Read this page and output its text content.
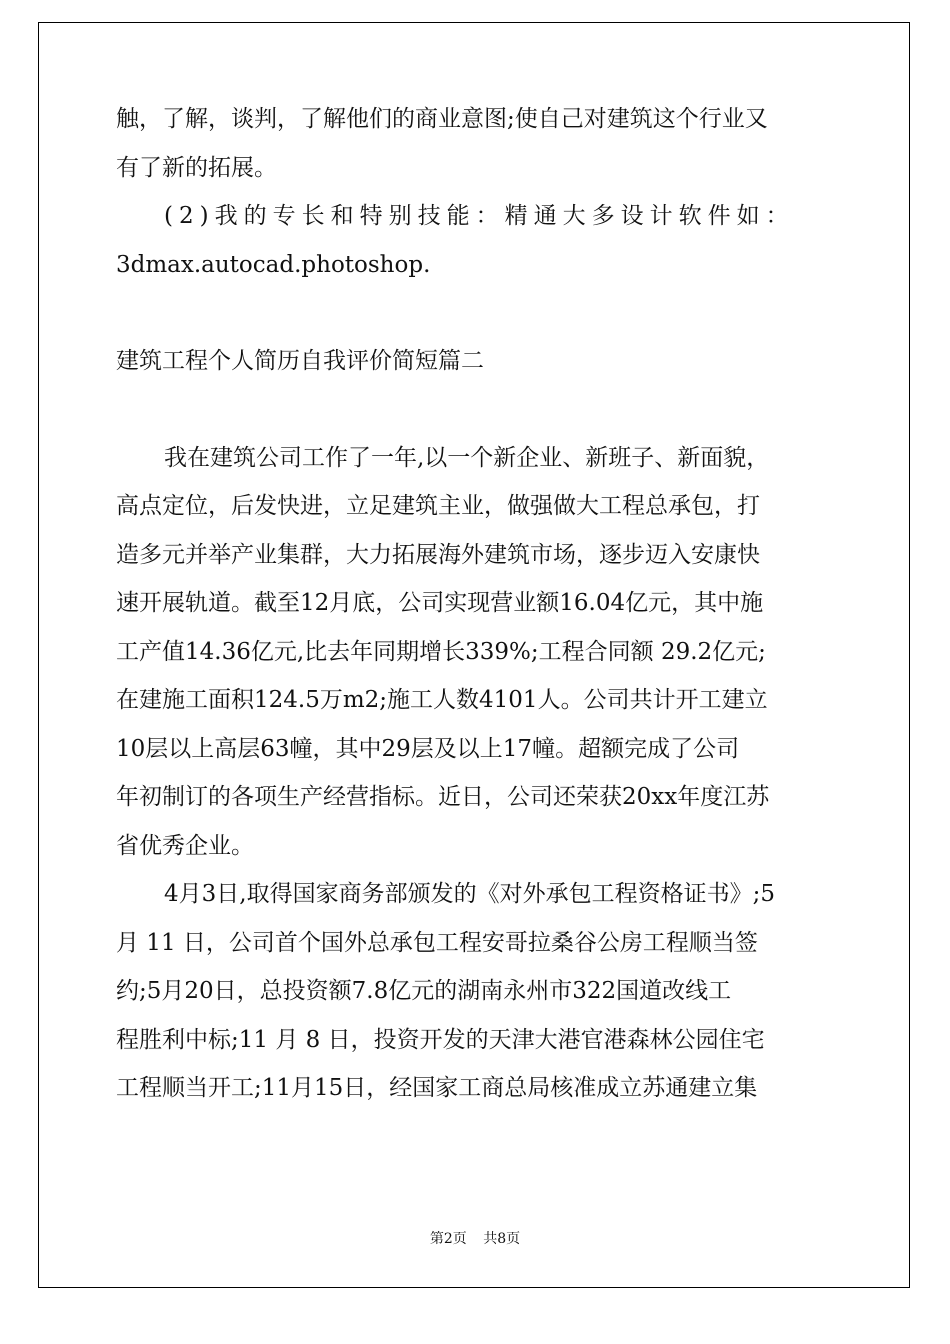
触，了解，谈判，了解他们的商业意图;使自己对建筑这个行业又
有了新的拓展。
(2)我的专长和特别技能：精通大多设计软件如：
3dmax.autocad.photoshop.
建筑工程个人简历自我评价简短篇二
我在建筑公司工作了一年,以一个新企业、新班子、新面貌，
高点定位，后发快进，立足建筑主业，做强做大工程总承包，打
造多元并举产业集群，大力拓展海外建筑市场，逐步迈入安康快
速开展轨道。截至12月底，公司实现营业额16.04亿元，其中施
工产值14.36亿元,比去年同期增长339%;工程合同额 29.2亿元;
在建施工面积124.5万m2;施工人数4101人。公司共计开工建立
10层以上高层63幢，其中29层及以上17幢。超额完成了公司
年初制订的各项生产经营指标。近日，公司还荣获20xx年度江苏
省优秀企业。
4月3日,取得国家商务部颁发的《对外承包工程资格证书》;5
月 11 日，公司首个国外总承包工程安哥拉桑谷公房工程顺当签
约;5月20日，总投资额7.8亿元的湖南永州市322国道改线工
程胜利中标;11 月 8 日，投资开发的天津大港官港森林公园住宅
工程顺当开工;11月15日，经国家工商总局核准成立苏通建立集
第2页 共8页
